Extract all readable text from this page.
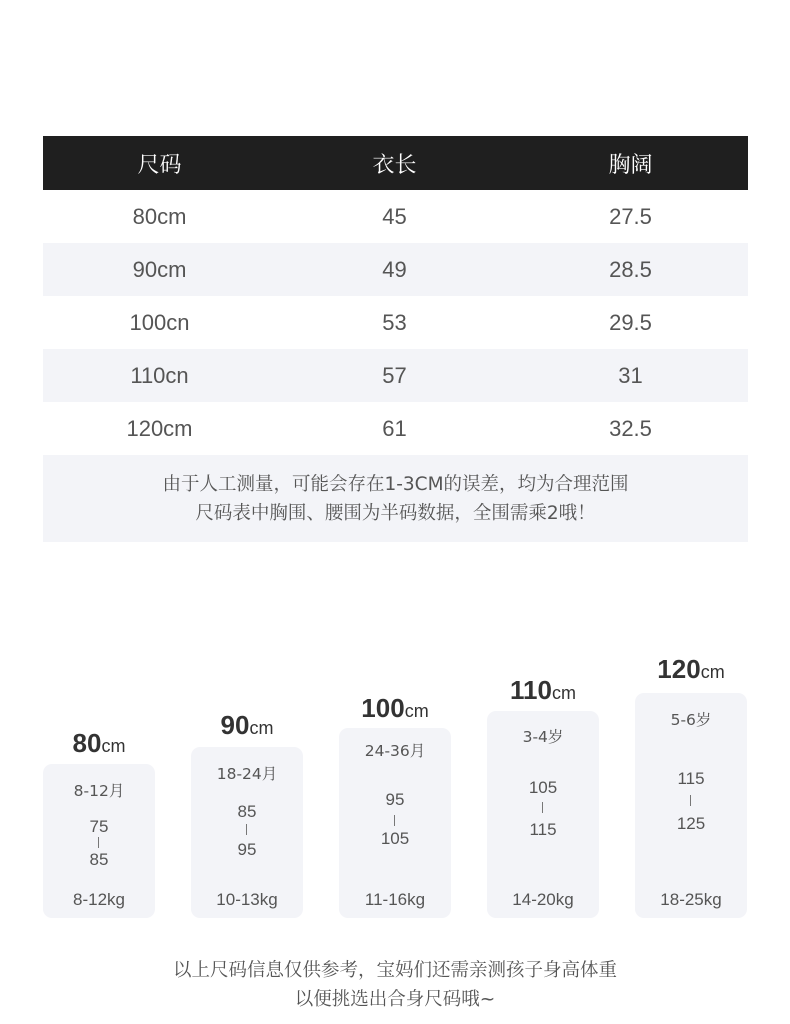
尺码	衣长	胸阔
80cm	45	27.5
90cm	49	28.5
100cn	53	29.5
110cn	57	31
120cm	61	32.5
由于人工测量，可能会存在1-3CM的误差，均为合理范围
尺码表中胸围、腰围为半码数据，全围需乘2哦！
80cm
8-12月
75
85
8-12kg
90cm
18-24月
85
95
10-13kg
100cm
24-36月
95
105
11-16kg
110cm
3-4岁
105
115
14-20kg
120cm
5-6岁
115
125
18-25kg
以上尺码信息仅供参考，宝妈们还需亲测孩子身高体重
以便挑选出合身尺码哦~
